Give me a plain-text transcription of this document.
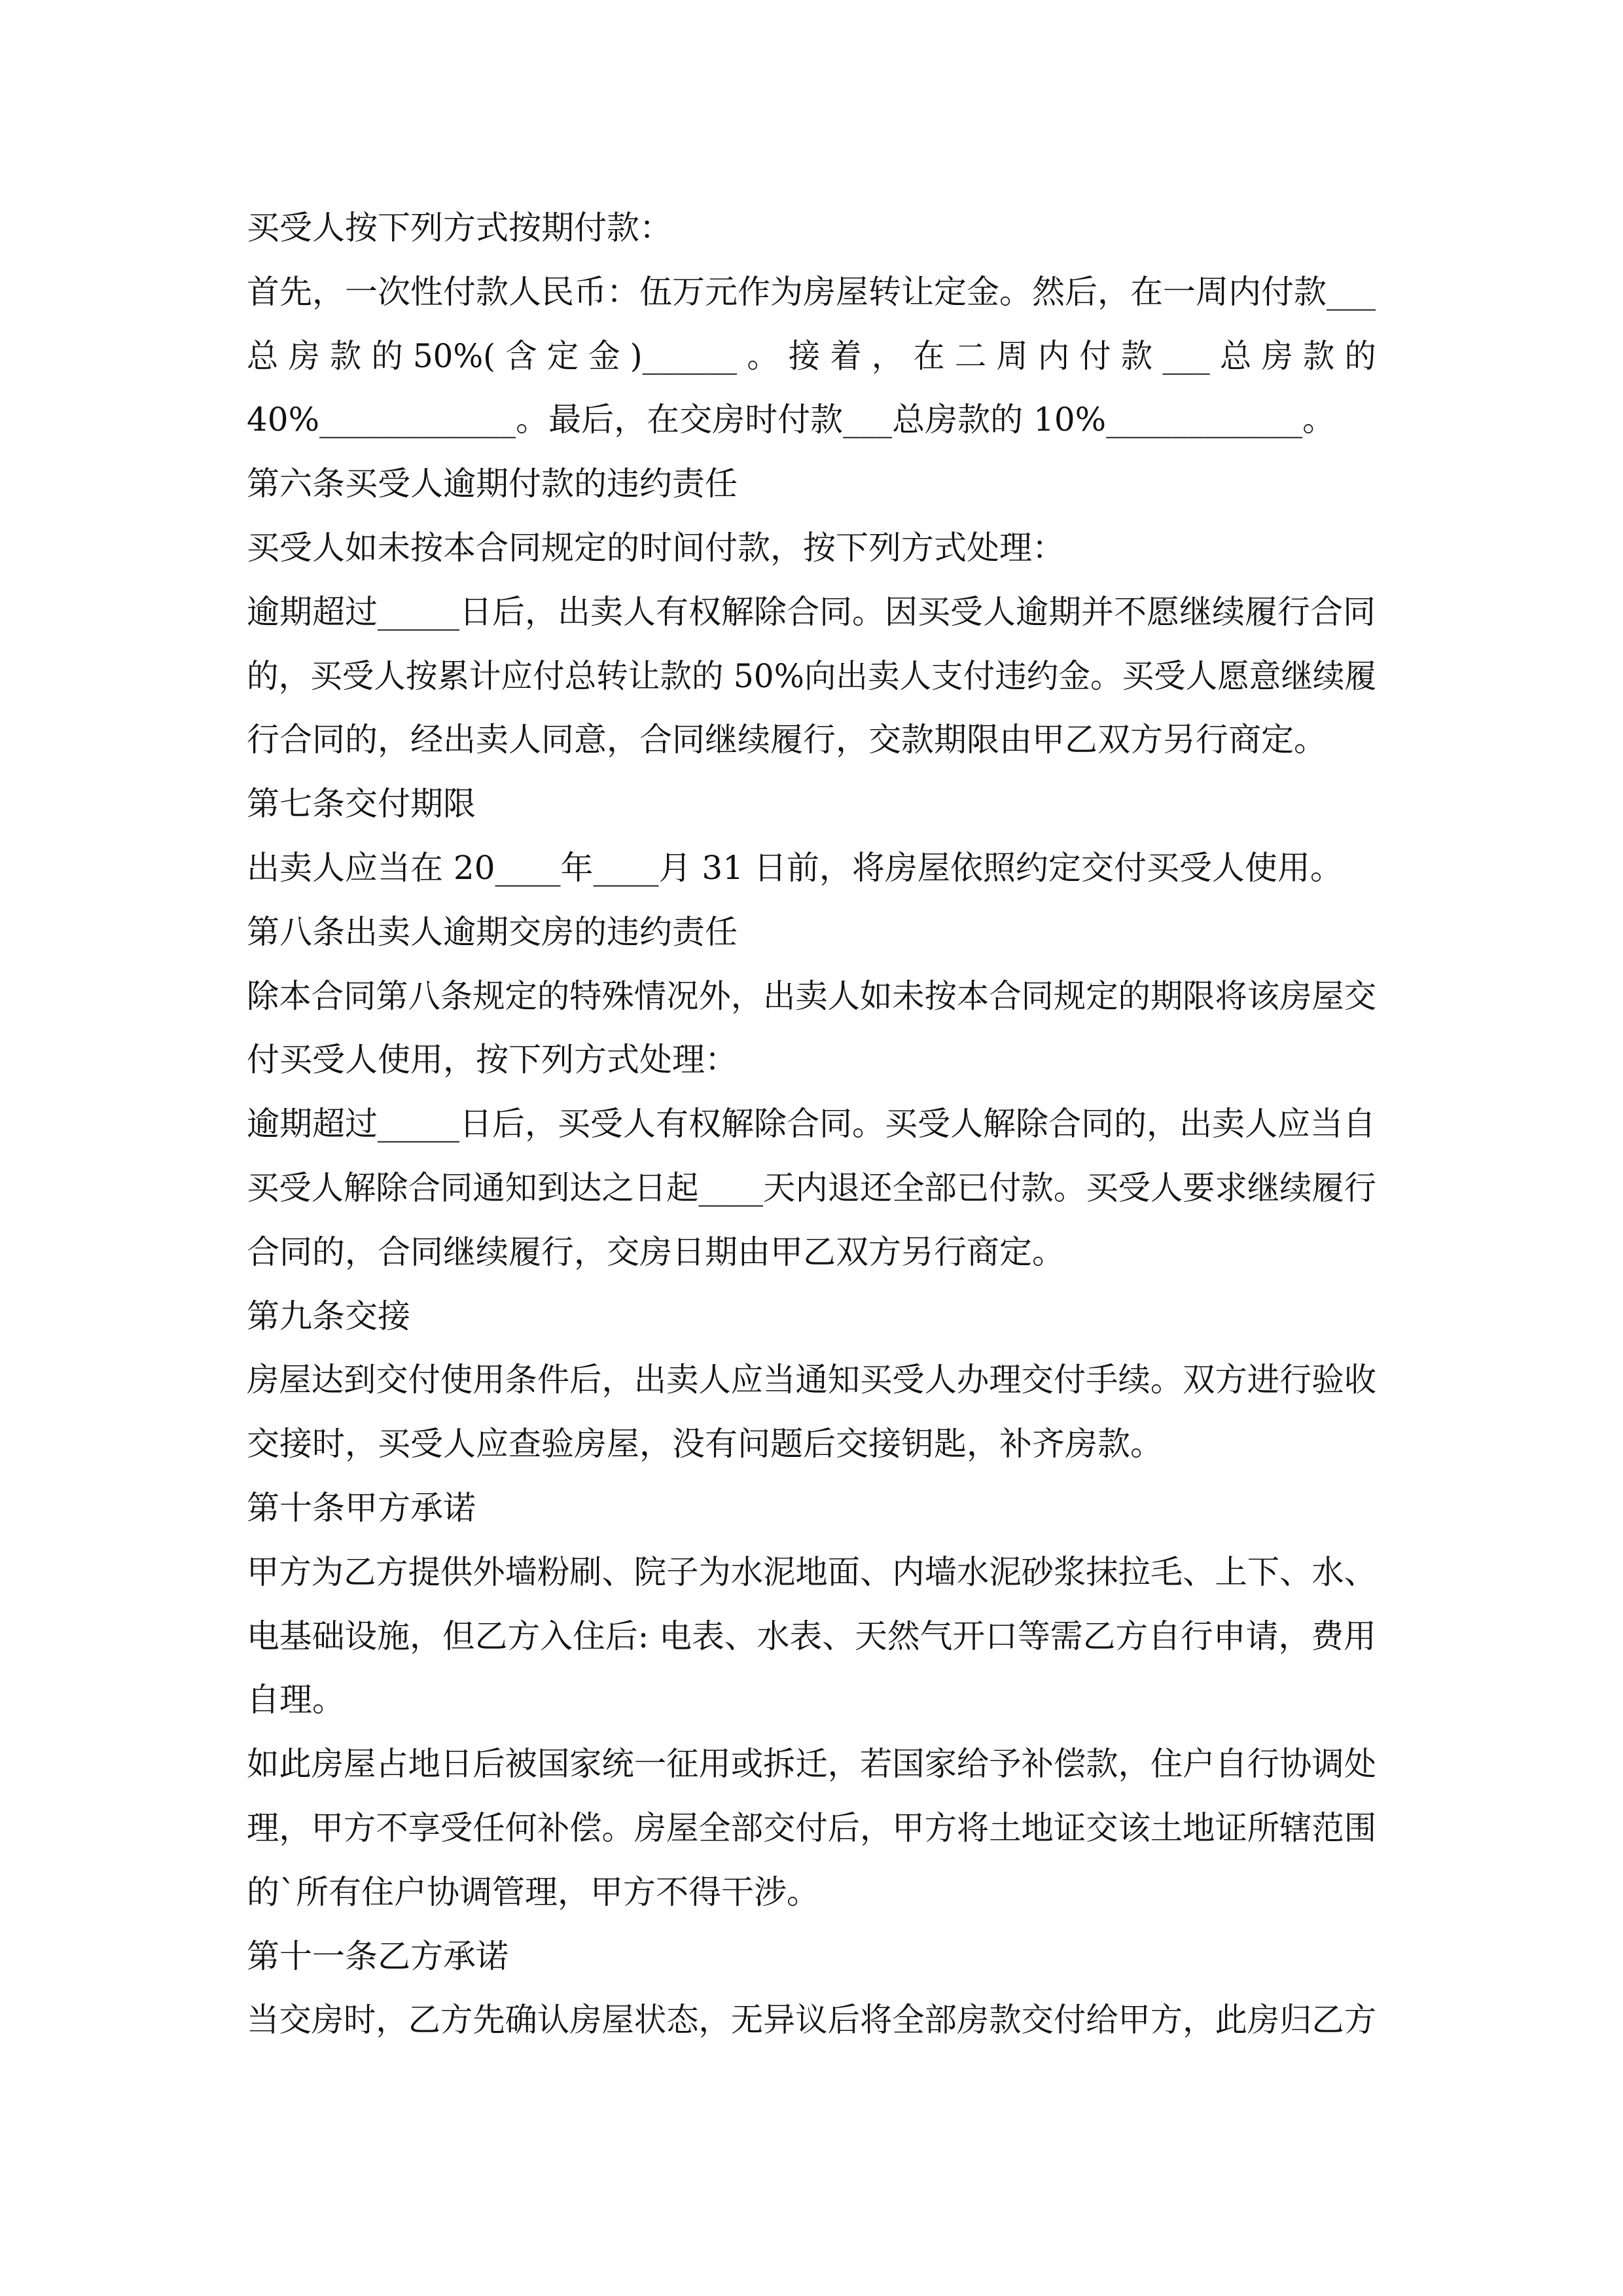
买受人按下列方式按期付款：
首先，一次性付款人民币：伍万元作为房屋转让定金。然后，在一周内付款___
总 房 款 的 50%( 含 定 金 )______ 。 接 着 ， 在 二 周 内 付 款 ___ 总 房 款 的
40%____________。最后，在交房时付款___总房款的 10%____________。
第六条买受人逾期付款的违约责任
买受人如未按本合同规定的时间付款，按下列方式处理：
逾期超过_____日后，出卖人有权解除合同。因买受人逾期并不愿继续履行合同
的，买受人按累计应付总转让款的 50%向出卖人支付违约金。买受人愿意继续履
行合同的，经出卖人同意，合同继续履行，交款期限由甲乙双方另行商定。
第七条交付期限
出卖人应当在 20____年____月 31 日前，将房屋依照约定交付买受人使用。
第八条出卖人逾期交房的违约责任
除本合同第八条规定的特殊情况外，出卖人如未按本合同规定的期限将该房屋交
付买受人使用，按下列方式处理：
逾期超过_____日后，买受人有权解除合同。买受人解除合同的，出卖人应当自
买受人解除合同通知到达之日起____天内退还全部已付款。买受人要求继续履行
合同的，合同继续履行，交房日期由甲乙双方另行商定。
第九条交接
房屋达到交付使用条件后，出卖人应当通知买受人办理交付手续。双方进行验收
交接时，买受人应查验房屋，没有问题后交接钥匙，补齐房款。
第十条甲方承诺
甲方为乙方提供外墙粉刷、院子为水泥地面、内墙水泥砂浆抹拉毛、上下、水、
电基础设施，但乙方入住后: 电表、水表、天然气开口等需乙方自行申请，费用
自理。
如此房屋占地日后被国家统一征用或拆迁，若国家给予补偿款，住户自行协调处
理，甲方不享受任何补偿。房屋全部交付后，甲方将土地证交该土地证所辖范围
的`所有住户协调管理，甲方不得干涉。
第十一条乙方承诺
当交房时，乙方先确认房屋状态，无异议后将全部房款交付给甲方，此房归乙方
